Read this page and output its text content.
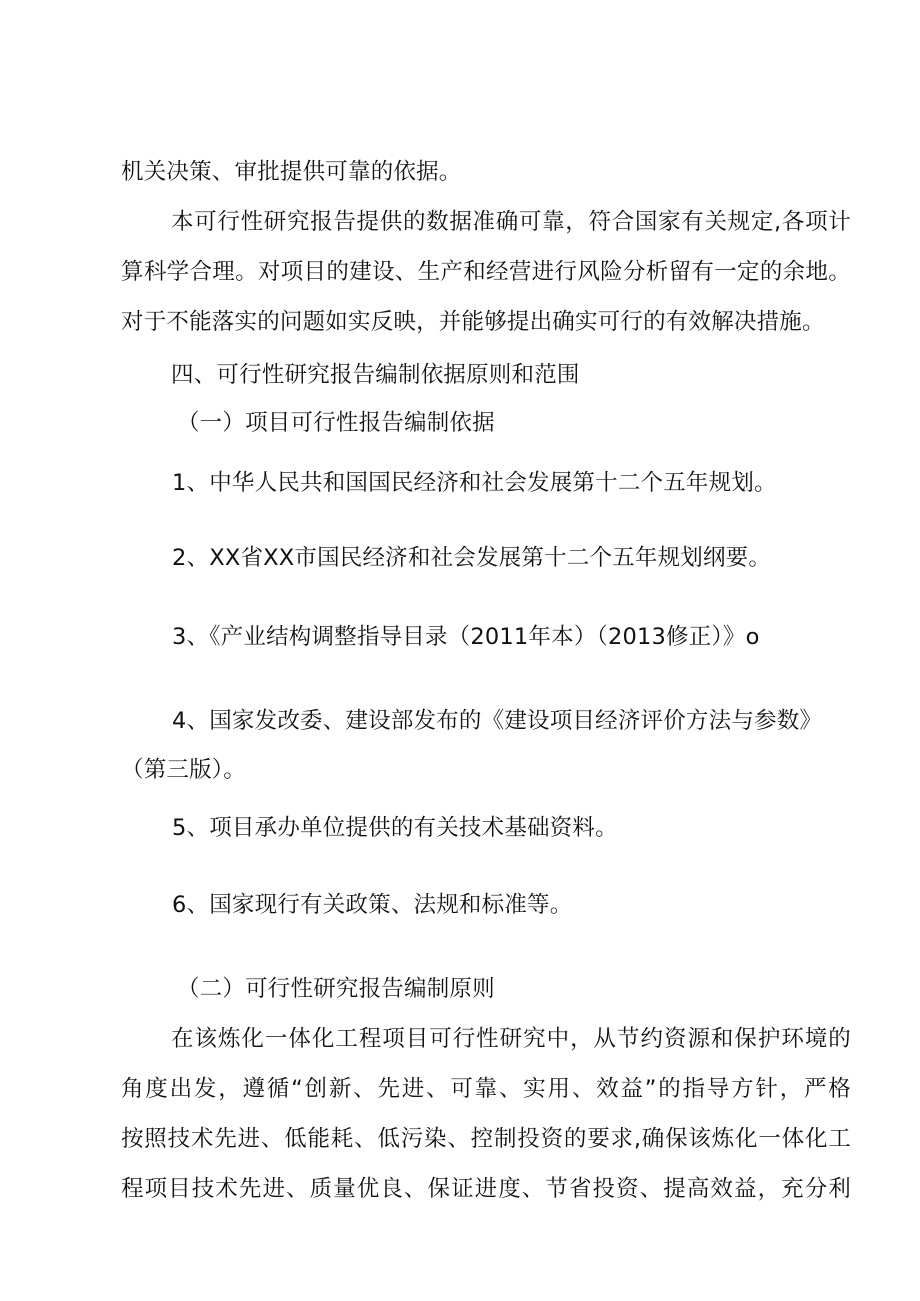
机关决策、审批提供可靠的依据。
本可行性研究报告提供的数据准确可靠，符合国家有关规定,各项计
算科学合理。对项目的建设、生产和经营进行风险分析留有一定的余地。
对于不能落实的问题如实反映，并能够提出确实可行的有效解决措施。
四、可行性研究报告编制依据原则和范围
（一）项目可行性报告编制依据
1、中华人民共和国国民经济和社会发展第十二个五年规划。
2、XX省XX市国民经济和社会发展第十二个五年规划纲要。
3、《产业结构调整指导目录（2011年本）（2013修正）》o
4、国家发改委、建设部发布的《建设项目经济评价方法与参数》
（第三版）。
5、项目承办单位提供的有关技术基础资料。
6、国家现行有关政策、法规和标准等。
（二）可行性研究报告编制原则
在该炼化一体化工程项目可行性研究中，从节约资源和保护环境的
角度出发，遵循“创新、先进、可靠、实用、效益”的指导方针，严格
按照技术先进、低能耗、低污染、控制投资的要求,确保该炼化一体化工
程项目技术先进、质量优良、保证进度、节省投资、提高效益，充分利
